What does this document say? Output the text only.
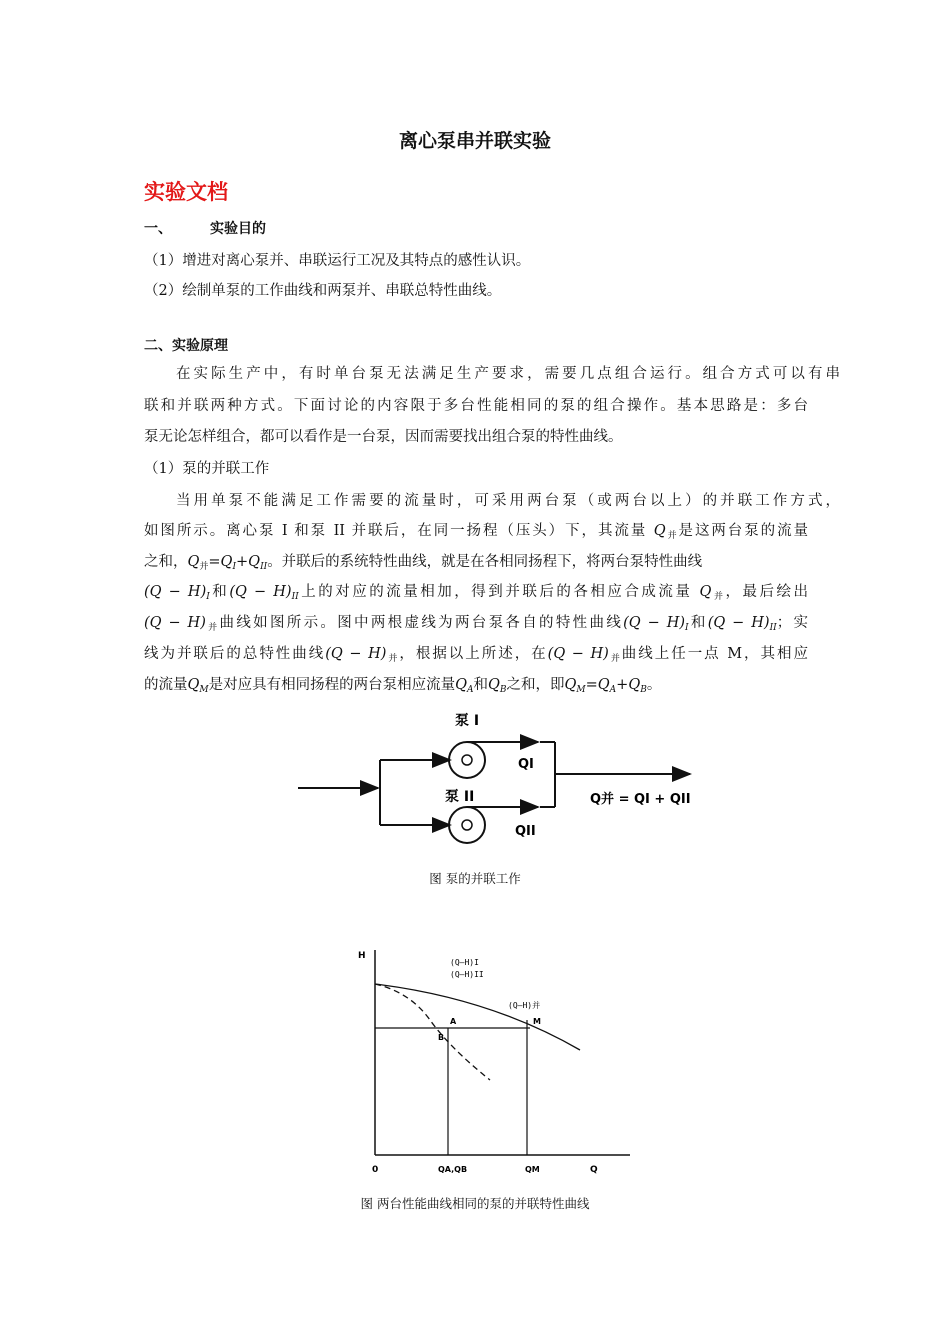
离心泵串并联实验
实验文档
一、	实验目的
（1）增进对离心泵并、串联运行工况及其特点的感性认识。
（2）绘制单泵的工作曲线和两泵并、串联总特性曲线。
二、实验原理
在实际生产中，有时单台泵无法满足生产要求，需要几点组合运行。组合方式可以有串
联和并联两种方式。下面讨论的内容限于多台性能相同的泵的组合操作。基本思路是：多台
泵无论怎样组合，都可以看作是一台泵，因而需要找出组合泵的特性曲线。
（1）泵的并联工作
当用单泵不能满足工作需要的流量时，可采用两台泵（或两台以上）的并联工作方式，
如图所示。离心泵 I 和泵 II 并联后，在同一扬程（压头）下，其流量 $Q_并$是这两台泵的流量
之和，$Q_并=Q_I+Q_{II}$。并联后的系统特性曲线，就是在各相同扬程下，将两台泵特性曲线
$(Q - H)_I$和$(Q - H)_{II}$上的对应的流量相加，得到并联后的各相应合成流量 $Q_并$，最后绘出
$(Q - H)_并$曲线如图所示。图中两根虚线为两台泵各自的特性曲线$(Q - H)_I$和$(Q - H)_{II}$；实
线为并联后的总特性曲线$(Q - H)_并$，根据以上所述，在$(Q - H)_并$曲线上任一点 M，其相应
的流量$Q_M$是对应具有相同扬程的两台泵相应流量$Q_A$和$Q_B$之和，即$Q_M=Q_A+Q_B$。
泵 I
泵 II
QI
QII
Q并 = QI + QII
图 泵的并联工作
H
Q
0
(Q—H)I
(Q—H)II
(Q—H)并
A
B
M
QA,QB	QM
图 两台性能曲线相同的泵的并联特性曲线
